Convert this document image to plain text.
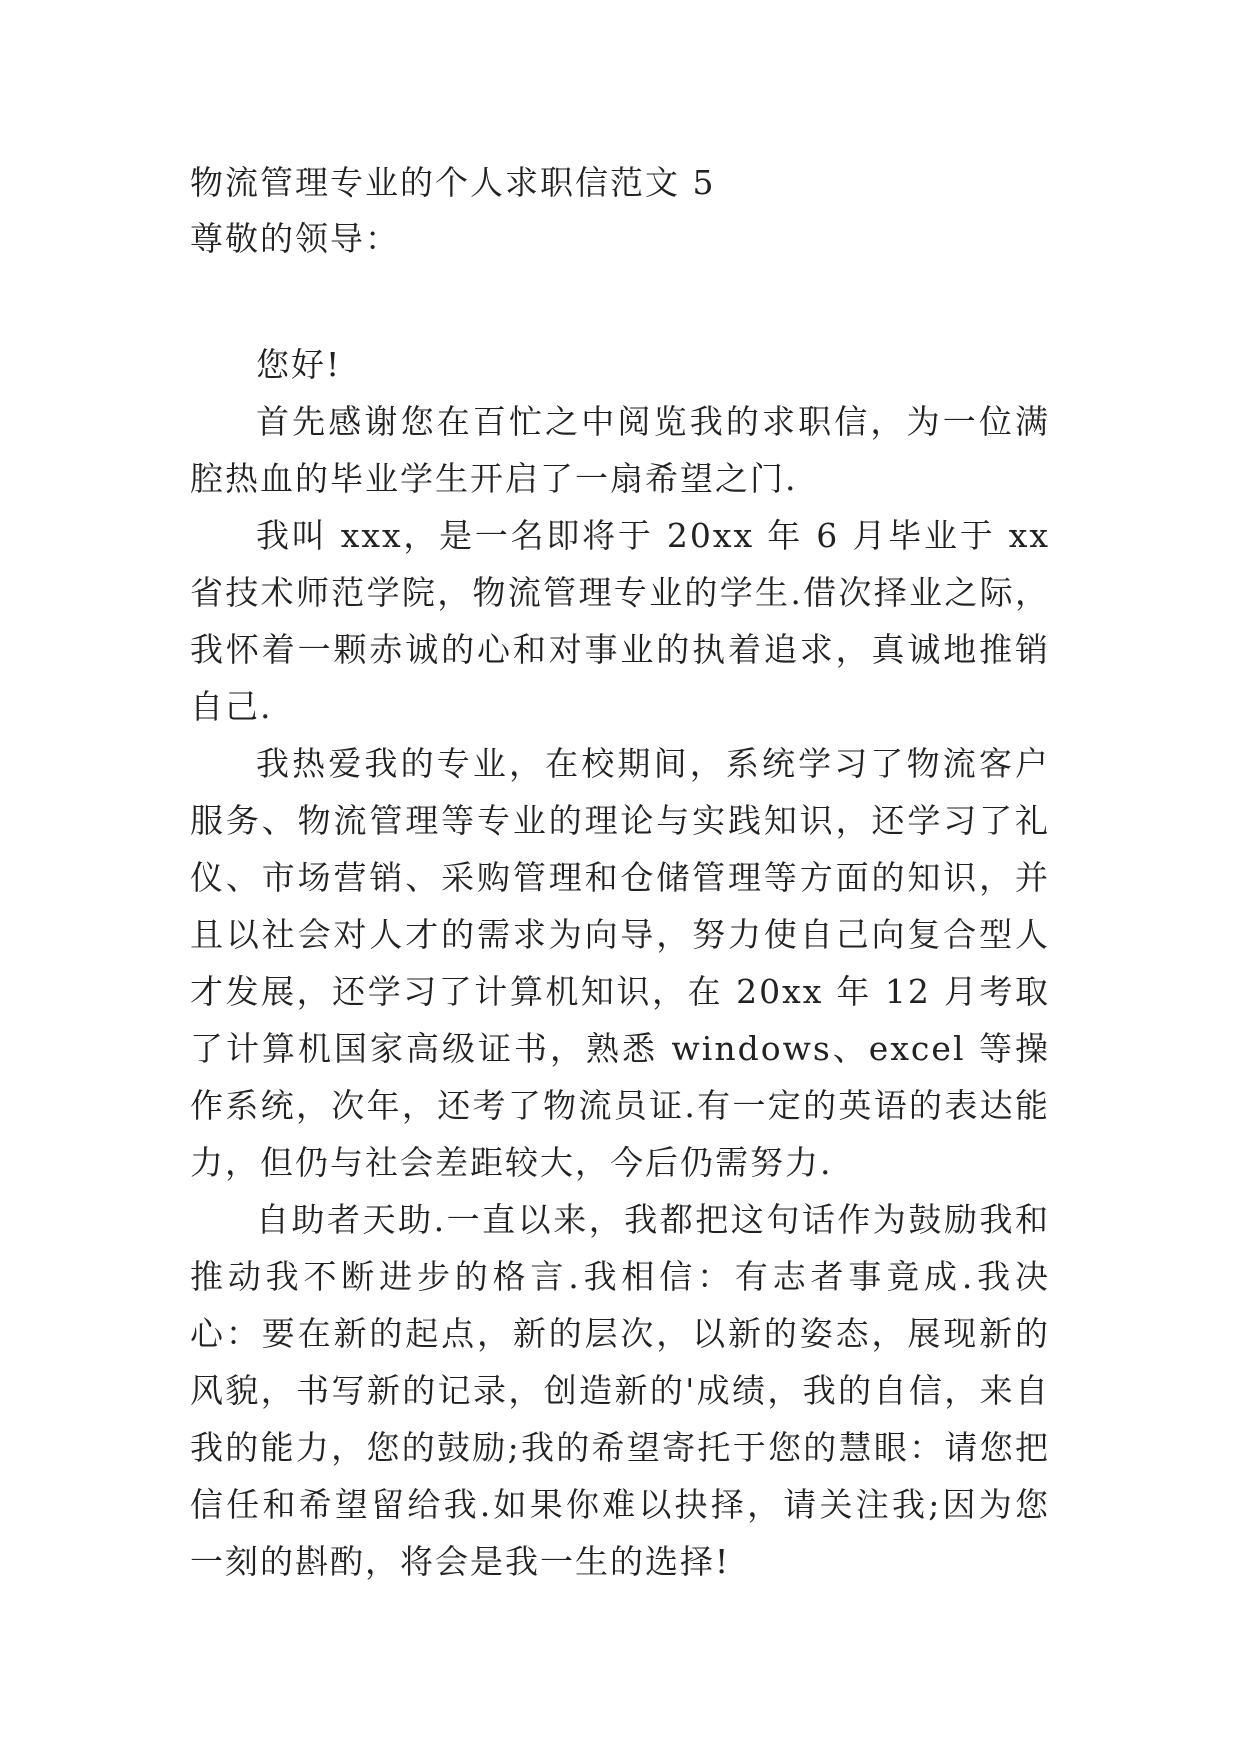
物流管理专业的个人求职信范文 5
尊敬的领导：

您好!

首先感谢您在百忙之中阅览我的求职信，为一位满腔热血的毕业学生开启了一扇希望之门.

我叫 xxx，是一名即将于 20xx 年 6 月毕业于 xx 省技术师范学院，物流管理专业的学生.借次择业之际，我怀着一颗赤诚的心和对事业的执着追求，真诚地推销自己.

我热爱我的专业，在校期间，系统学习了物流客户服务、物流管理等专业的理论与实践知识，还学习了礼仪、市场营销、采购管理和仓储管理等方面的知识，并且以社会对人才的需求为向导，努力使自己向复合型人才发展，还学习了计算机知识，在 20xx 年 12 月考取了计算机国家高级证书，熟悉 windows、excel 等操作系统，次年，还考了物流员证.有一定的英语的表达能力，但仍与社会差距较大，今后仍需努力.

自助者天助.一直以来，我都把这句话作为鼓励我和推动我不断进步的格言.我相信：有志者事竟成.我决心：要在新的起点，新的层次，以新的姿态，展现新的风貌，书写新的记录，创造新的'成绩，我的自信，来自我的能力，您的鼓励;我的希望寄托于您的慧眼：请您把信任和希望留给我.如果你难以抉择，请关注我;因为您一刻的斟酌，将会是我一生的选择!
